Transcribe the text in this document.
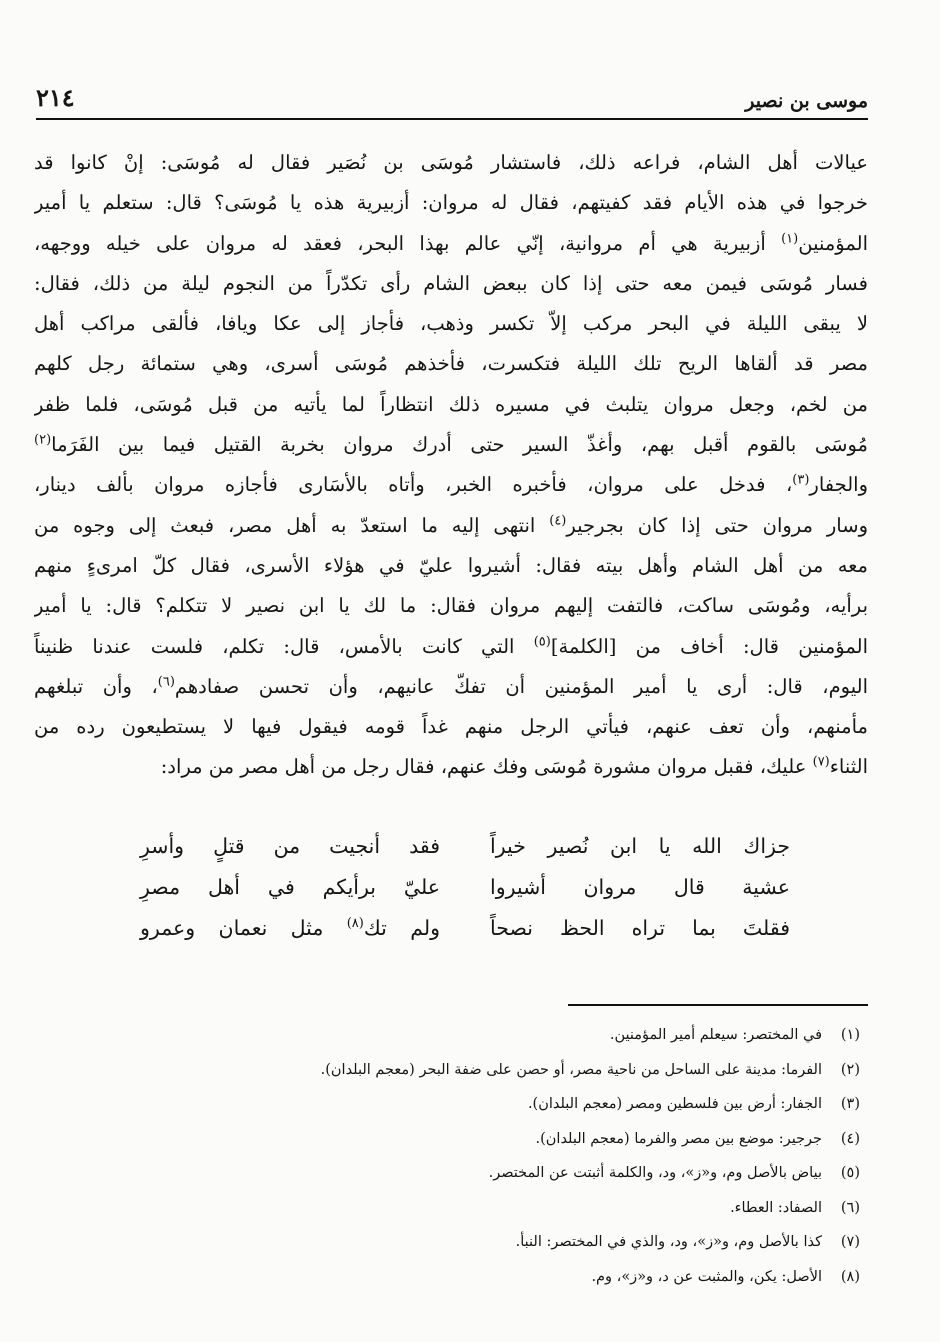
موسى بن نصير
٢١٤
عيالات أهل الشام، فراعه ذلك، فاستشار مُوسَى بن نُصَير فقال له مُوسَى: إنْ كانوا قد
خرجوا في هذه الأيام فقد كفيتهم، فقال له مروان: أزبيرية هذه يا مُوسَى؟ قال: ستعلم يا أمير
المؤمنين$^{(١)}$ أزبيرية هي أم مروانية، إنّي عالم بهذا البحر، فعقد له مروان على خيله ووجهه،
فسار مُوسَى فيمن معه حتى إذا كان ببعض الشام رأى تكدّراً من النجوم ليلة من ذلك، فقال:
لا يبقى الليلة في البحر مركب إلاّ تكسر وذهب، فأجاز إلى عكا ويافا، فألقى مراكب أهل
مصر قد ألقاها الريح تلك الليلة فتكسرت، فأخذهم مُوسَى أسرى، وهي ستمائة رجل كلهم
من لخم، وجعل مروان يتلبث في مسيره ذلك انتظاراً لما يأتيه من قبل مُوسَى، فلما ظفر
مُوسَى بالقوم أقبل بهم، وأغذّ السير حتى أدرك مروان بخربة القتيل فيما بين الفَرَما$^{(٢)}$
والجفار$^{(٣)}$، فدخل على مروان، فأخبره الخبر، وأتاه بالأسَارى فأجازه مروان بألف دينار،
وسار مروان حتى إذا كان بجرجير$^{(٤)}$ انتهى إليه ما استعدّ به أهل مصر، فبعث إلى وجوه من
معه من أهل الشام وأهل بيته فقال: أشيروا عليّ في هؤلاء الأسرى، فقال كلّ امرىءٍ منهم
برأيه، ومُوسَى ساكت، فالتفت إليهم مروان فقال: ما لك يا ابن نصير لا تتكلم؟ قال: يا أمير
المؤمنين قال: أخاف من [الكلمة]$^{(٥)}$ التي كانت بالأمس، قال: تكلم، فلست عندنا ظنيناً
اليوم، قال: أرى يا أمير المؤمنين أن تفكّ عانيهم، وأن تحسن صفادهم$^{(٦)}$، وأن تبلغهم
مأمنهم، وأن تعف عنهم، فيأتي الرجل منهم غداً قومه فيقول فيها لا يستطيعون رده من
الثناء$^{(٧)}$ عليك، فقبل مروان مشورة مُوسَى وفك عنهم، فقال رجل من أهل مصر من مراد:
جزاك الله يا ابن نُصير خيراً
فقد أنجيت من قتلٍ وأسرِ
عشية قال مروان أشيروا
عليّ برأيكم في أهل مصرِ
فقلتَ بما تراه الحظ نصحاً
ولم تك$^{(٨)}$ مثل نعمان وعمرو
(١)
في المختصر: سيعلم أمير المؤمنين.
(٢)
الفرما: مدينة على الساحل من ناحية مصر، أو حصن على ضفة البحر (معجم البلدان).
(٣)
الجفار: أرض بين فلسطين ومصر (معجم البلدان).
(٤)
جرجير: موضع بين مصر والفرما (معجم البلدان).
(٥)
بياض بالأصل وم، و«ز»، ود، والكلمة أثبتت عن المختصر.
(٦)
الصفاد: العطاء.
(٧)
كذا بالأصل وم، و«ز»، ود، والذي في المختصر: النبأ.
(٨)
الأصل: يكن، والمثبت عن د، و«ز»، وم.
